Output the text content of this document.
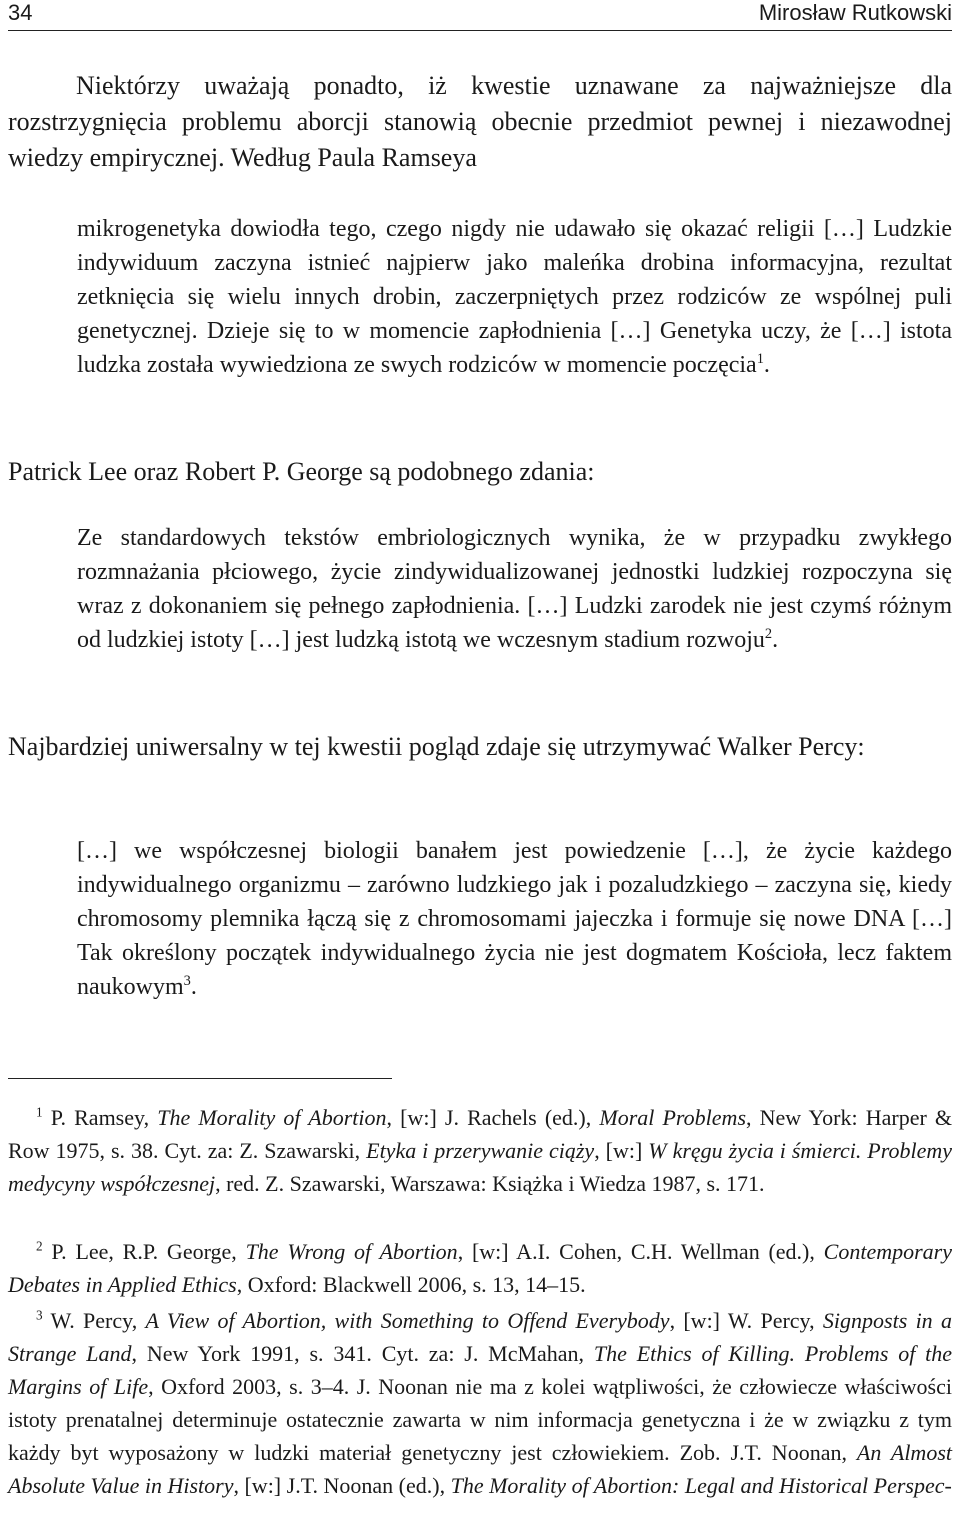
34	Mirosław Rutkowski

Niektórzy uważają ponadto, iż kwestie uznawane za najważniejsze dla rozstrzygnięcia problemu aborcji stanowią obecnie przedmiot pewnej i niezawodnej wiedzy empirycznej. Według Paula Ramseya

mikrogenetyka dowiodła tego, czego nigdy nie udawało się okazać religii […] Ludzkie indywiduum zaczyna istnieć najpierw jako maleńka drobina informacyjna, rezultat zetknięcia się wielu innych drobin, zaczerpniętych przez rodziców ze wspólnej puli genetycznej. Dzieje się to w momencie zapłodnienia […] Genetyka uczy, że […] istota ludzka została wywiedziona ze swych rodziców w momencie poczęcia$^1$.

Patrick Lee oraz Robert P. George są podobnego zdania:

Ze standardowych tekstów embriologicznych wynika, że w przypadku zwykłego rozmnażania płciowego, życie zindywidualizowanej jednostki ludzkiej rozpoczyna się wraz z dokonaniem się pełnego zapłodnienia. […] Ludzki zarodek nie jest czymś różnym od ludzkiej istoty […] jest ludzką istotą we wczesnym stadium rozwoju$^2$.

Najbardziej uniwersalny w tej kwestii pogląd zdaje się utrzymywać Walker Percy:

[…] we współczesnej biologii banałem jest powiedzenie […], że życie każdego indywidualnego organizmu – zarówno ludzkiego jak i pozaludzkiego – zaczyna się, kiedy chromosomy plemnika łączą się z chromosomami jajeczka i formuje się nowe DNA […] Tak określony początek indywidualnego życia nie jest dogmatem Kościoła, lecz faktem naukowym$^3$.

$^1$ P. Ramsey, The Morality of Abortion, [w:] J. Rachels (ed.), Moral Problems, New York: Harper & Row 1975, s. 38. Cyt. za: Z. Szawarski, Etyka i przerywanie ciąży, [w:] W kręgu życia i śmierci. Problemy medycyny współczesnej, red. Z. Szawarski, Warszawa: Książka i Wiedza 1987, s. 171.

$^2$ P. Lee, R.P. George, The Wrong of Abortion, [w:] A.I. Cohen, C.H. Wellman (ed.), Contemporary Debates in Applied Ethics, Oxford: Blackwell 2006, s. 13, 14–15.

$^3$ W. Percy, A View of Abortion, with Something to Offend Everybody, [w:] W. Percy, Signposts in a Strange Land, New York 1991, s. 341. Cyt. za: J. McMahan, The Ethics of Killing. Problems of the Margins of Life, Oxford 2003, s. 3–4. J. Noonan nie ma z kolei wątpliwości, że człowiecze właściwości istoty prenatalnej determinuje ostatecznie zawarta w nim informacja genetyczna i że w związku z tym każdy byt wyposażony w ludzki materiał genetyczny jest człowiekiem. Zob. J.T. Noonan, An Almost Absolute Value in History, [w:] J.T. Noonan (ed.), The Morality of Abortion: Legal and Historical Perspec-
